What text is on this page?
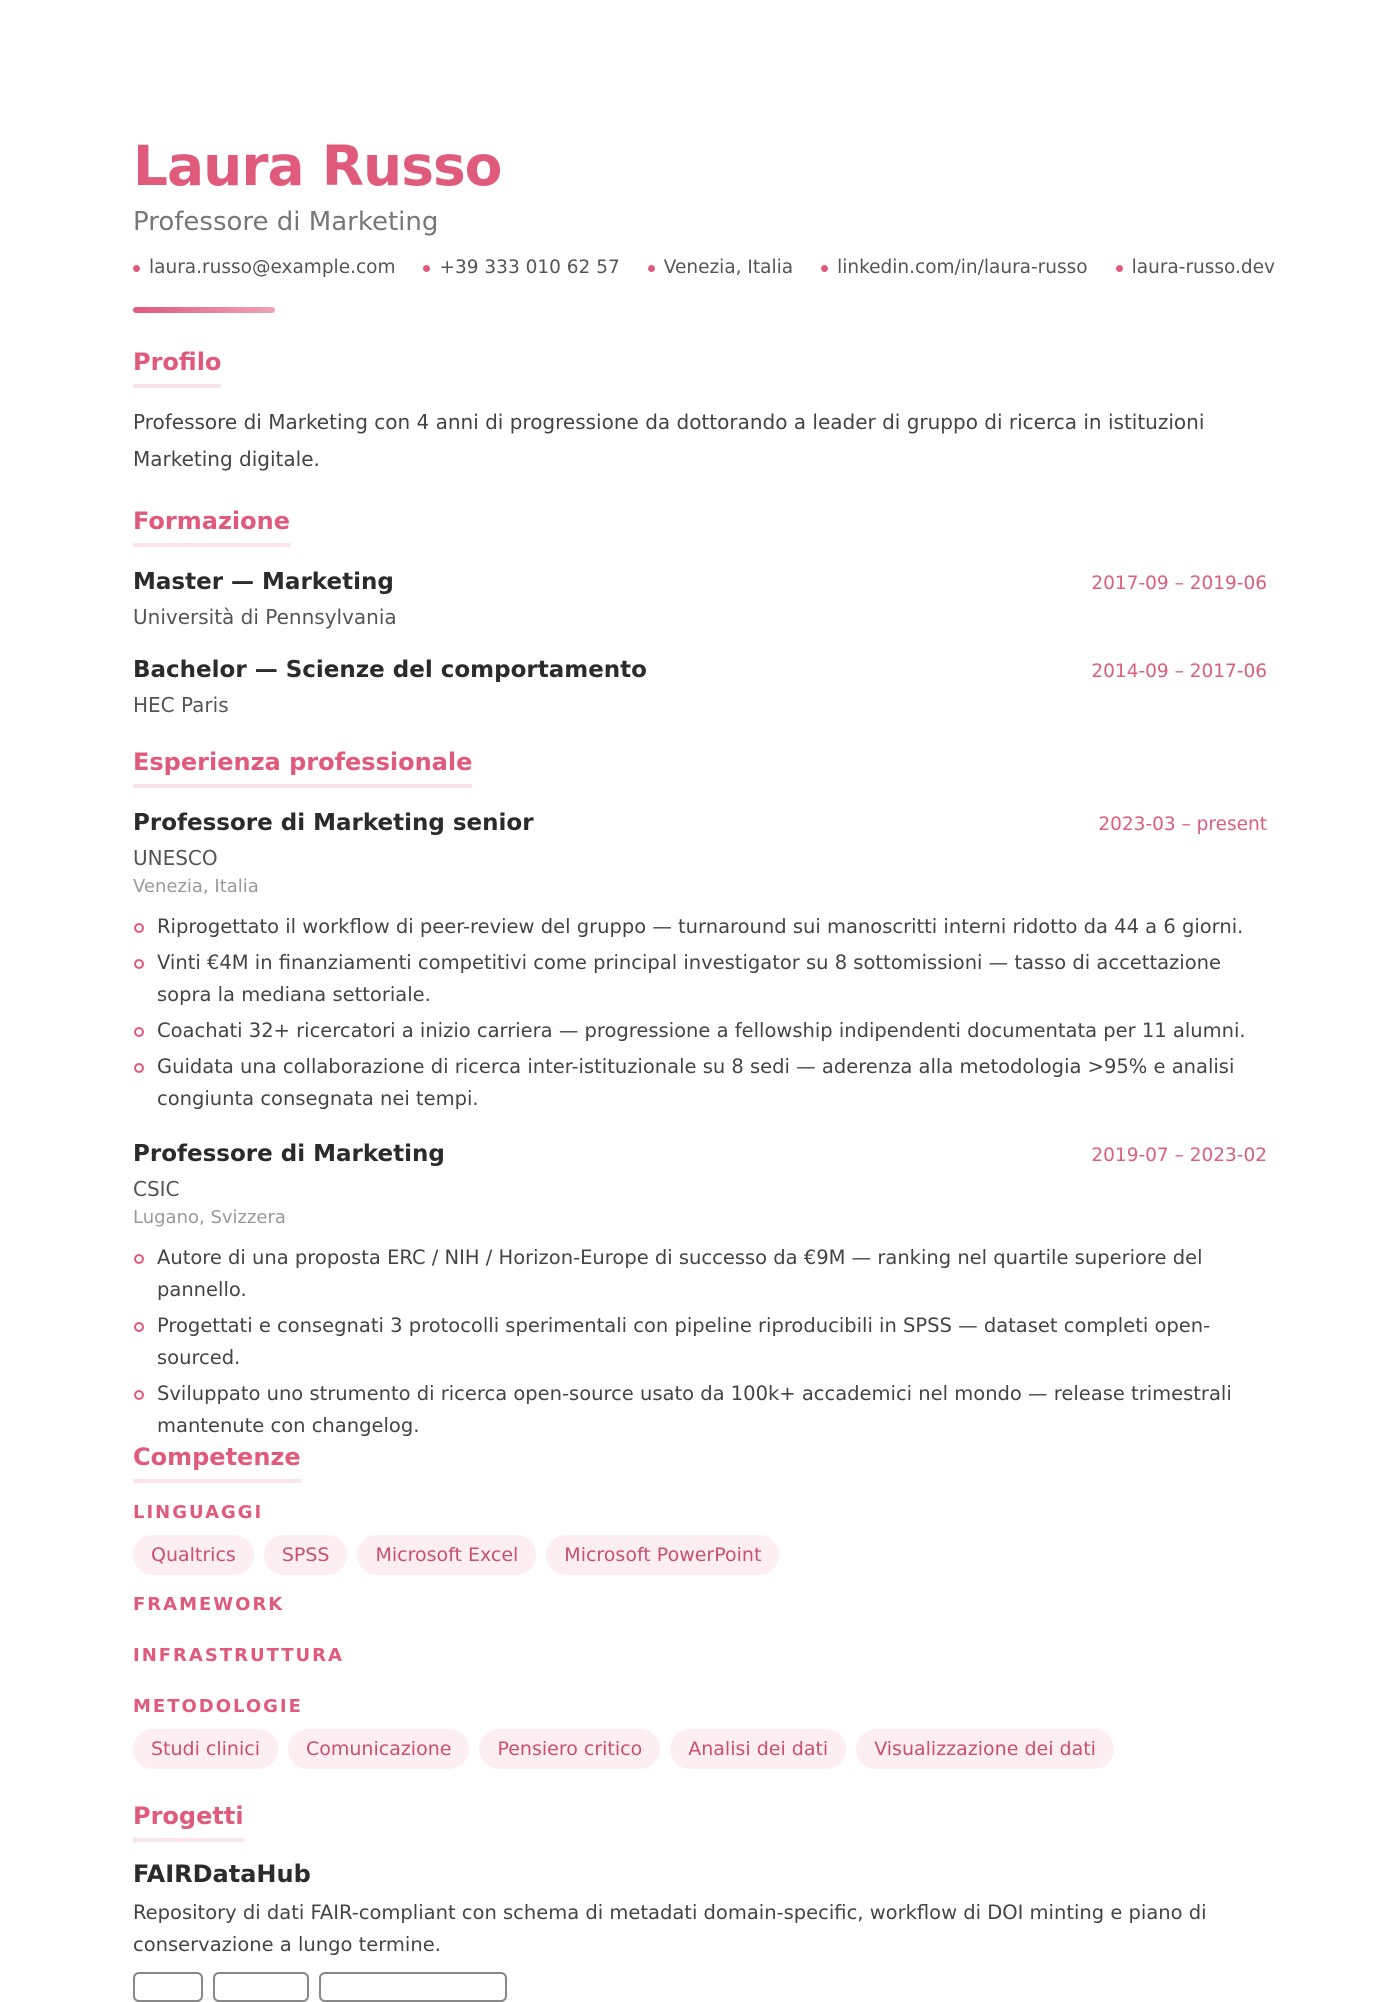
Laura Russo
Professore di Marketing
laura.russo@example.com +39 333 010 62 57 Venezia, Italia linkedin.com/in/laura-russo laura-russo.dev
Profilo
Professore di Marketing con 4 anni di progressione da dottorando a leader di gruppo di ricerca in istituzioni Marketing digitale.
Formazione
Master — Marketing	2017-09 – 2019-06
Università di Pennsylvania
Bachelor — Scienze del comportamento	2014-09 – 2017-06
HEC Paris
Esperienza professionale
Professore di Marketing senior	2023-03 – present
UNESCO
Venezia, Italia
Riprogettato il workflow di peer-review del gruppo — turnaround sui manoscritti interni ridotto da 44 a 6 giorni.
Vinti €4M in finanziamenti competitivi come principal investigator su 8 sottomissioni — tasso di accettazione sopra la mediana settoriale.
Coachati 32+ ricercatori a inizio carriera — progressione a fellowship indipendenti documentata per 11 alumni.
Guidata una collaborazione di ricerca inter-istituzionale su 8 sedi — aderenza alla metodologia >95% e analisi congiunta consegnata nei tempi.
Professore di Marketing	2019-07 – 2023-02
CSIC
Lugano, Svizzera
Autore di una proposta ERC / NIH / Horizon-Europe di successo da €9M — ranking nel quartile superiore del pannello.
Progettati e consegnati 3 protocolli sperimentali con pipeline riproducibili in SPSS — dataset completi open-sourced.
Sviluppato uno strumento di ricerca open-source usato da 100k+ accademici nel mondo — release trimestrali mantenute con changelog.
Competenze
LINGUAGGI
Qualtrics	SPSS	Microsoft Excel	Microsoft PowerPoint
FRAMEWORK
INFRASTRUTTURA
METODOLOGIE
Studi clinici	Comunicazione	Pensiero critico	Analisi dei dati	Visualizzazione dei dati
Progetti
FAIRDataHub
Repository di dati FAIR-compliant con schema di metadati domain-specific, workflow di DOI minting e piano di conservazione a lungo termine.
